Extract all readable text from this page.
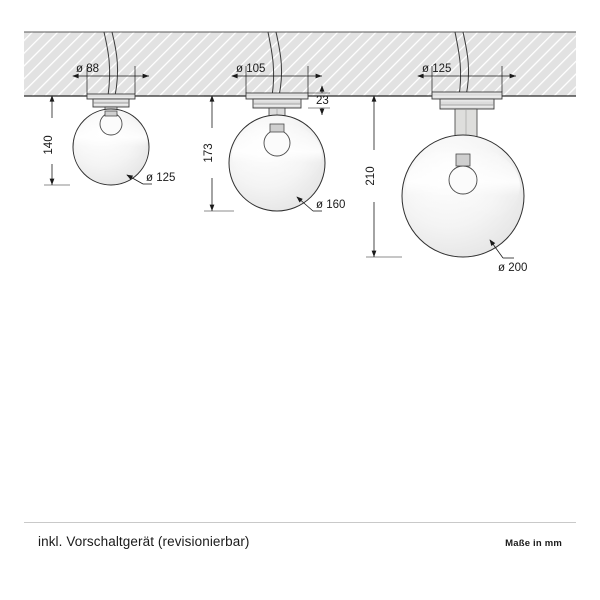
ø 88
140
ø 125
ø 105
23
173
ø 160
ø 125
210
ø 200
inkl. Vorschaltgerät (revisionierbar)	Maße in mm
